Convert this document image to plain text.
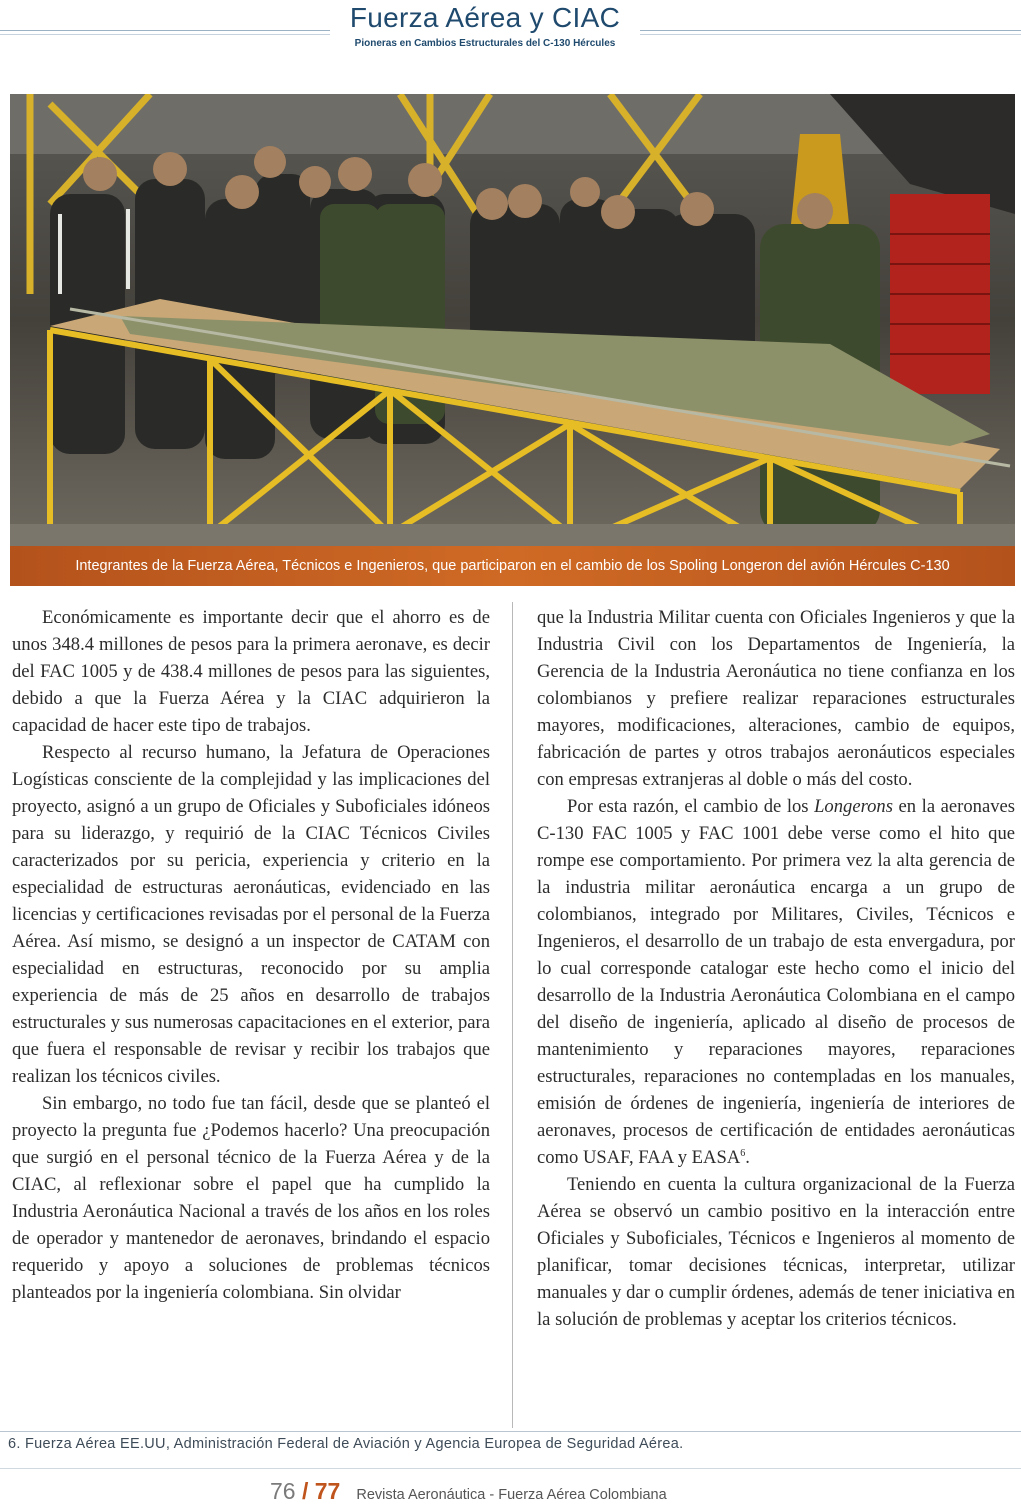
Fuerza Aérea y CIAC
Pioneras en Cambios Estructurales del C-130 Hércules
Integrantes de la Fuerza Aérea, Técnicos e Ingenieros, que participaron en el cambio de los Spoling Longeron del avión Hércules C-130

Económicamente es importante decir que el ahorro es de unos 348.4 millones de pesos para la primera aeronave, es decir del FAC 1005 y de 438.4 millones de pesos para las siguientes, debido a que la Fuerza Aérea y la CIAC adquirieron la capacidad de hacer este tipo de trabajos.

Respecto al recurso humano, la Jefatura de Operaciones Logísticas consciente de la complejidad y las implicaciones del proyecto, asignó a un grupo de Oficiales y Suboficiales idóneos para su liderazgo, y requirió de la CIAC Técnicos Civiles caracterizados por su pericia, experiencia y criterio en la especialidad de estructuras aeronáuticas, evidenciado en las licencias y certificaciones revisadas por el personal de la Fuerza Aérea. Así mismo, se designó a un inspector de CATAM con especialidad en estructuras, reconocido por su amplia experiencia de más de 25 años en desarrollo de trabajos estructurales y sus numerosas capacitaciones en el exterior, para que fuera el responsable de revisar y recibir los trabajos que realizan los técnicos civiles.

Sin embargo, no todo fue tan fácil, desde que se planteó el proyecto la pregunta fue ¿Podemos hacerlo? Una preocupación que surgió en el personal técnico de la Fuerza Aérea y de la CIAC, al reflexionar sobre el papel que ha cumplido la Industria Aeronáutica Nacional a través de los años en los roles de operador y mantenedor de aeronaves, brindando el espacio requerido y apoyo a soluciones de problemas técnicos planteados por la ingeniería colombiana. Sin olvidar

que la Industria Militar cuenta con Oficiales Ingenieros y que la Industria Civil con los Departamentos de Ingeniería, la Gerencia de la Industria Aeronáutica no tiene confianza en los colombianos y prefiere realizar reparaciones estructurales mayores, modificaciones, alteraciones, cambio de equipos, fabricación de partes y otros trabajos aeronáuticos especiales con empresas extranjeras al doble o más del costo.

Por esta razón, el cambio de los Longerons en la aeronaves C-130 FAC 1005 y FAC 1001 debe verse como el hito que rompe ese comportamiento. Por primera vez la alta gerencia de la industria militar aeronáutica encarga a un grupo de colombianos, integrado por Militares, Civiles, Técnicos e Ingenieros, el desarrollo de un trabajo de esta envergadura, por lo cual corresponde catalogar este hecho como el inicio del desarrollo de la Industria Aeronáutica Colombiana en el campo del diseño de ingeniería, aplicado al diseño de procesos de mantenimiento y reparaciones mayores, reparaciones estructurales, reparaciones no contempladas en los manuales, emisión de órdenes de ingeniería, ingeniería de interiores de aeronaves, procesos de certificación de entidades aeronáuticas como USAF, FAA y EASA$^6$.

Teniendo en cuenta la cultura organizacional de la Fuerza Aérea se observó un cambio positivo en la interacción entre Oficiales y Suboficiales, Técnicos e Ingenieros al momento de planificar, tomar decisiones técnicas, interpretar, utilizar manuales y dar o cumplir órdenes, además de tener iniciativa en la solución de problemas y aceptar los criterios técnicos.

6. Fuerza Aérea EE.UU, Administración Federal de Aviación y Agencia Europea de Seguridad Aérea.
76 / 77 Revista Aeronáutica - Fuerza Aérea Colombiana
